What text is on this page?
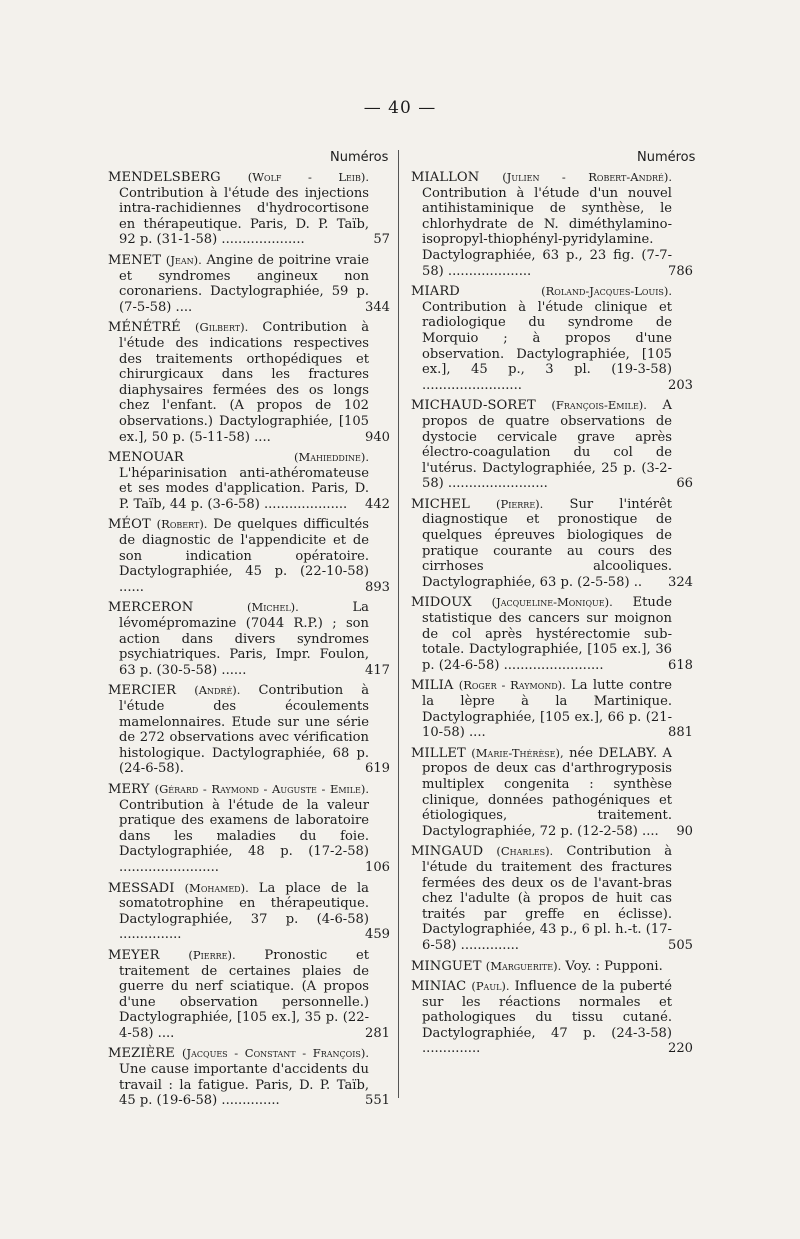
— 40 —
Numéros	Numéros
MENDELSBERG (Wolf - Leib). Contribution à l'étude des injections intra-rachidiennes d'hydrocortisone en thérapeutique. Paris, D. P. Taïb, 92 p. (31-1-58) ....................	57
MENET (Jean). Angine de poitrine vraie et syndromes angineux non coronariens. Dactylographiée, 59 p. (7-5-58) ....	344
MÉNÉTRÉ (Gilbert). Contribution à l'étude des indications respectives des traitements orthopédiques et chirurgicaux dans les fractures diaphysaires fermées des os longs chez l'enfant. (A propos de 102 observations.) Dactylographiée, [105 ex.], 50 p. (5-11-58) ....	940
MENOUAR	(Mahieddine). L'héparinisation anti-athéromateuse et ses modes d'application. Paris, D. P. Taïb, 44 p. (3-6-58) ....................	442
MÉOT (Robert). De quelques difficultés de diagnostic de l'appendicite et de son indication opératoire. Dactylographiée, 45 p. (22-10-58) ......	893
MERCERON	(Michel).	La lévomépromazine (7044 R.P.) ; son action dans divers syndromes psychiatriques. Paris, Impr. Foulon, 63 p. (30-5-58) ......	417
MERCIER (André). Contribution à l'étude des écoulements mamelonnaires. Etude sur une série de 272 observations avec vérification histologique. Dactylographiée, 68 p. (24-6-58).	619
MERY (Gérard - Raymond - Auguste - Emile). Contribution à l'étude de la valeur pratique des examens de laboratoire dans les maladies du foie. Dactylographiée, 48 p. (17-2-58) ........................	106
MESSADI (Mohamed). La place de la somatotrophine en thérapeutique. Dactylographiée, 37 p. (4-6-58) ...............	459
MEYER	(Pierre). Pronostic et traitement de certaines plaies de guerre du nerf sciatique. (A propos d'une observation personnelle.) Dactylographiée, [105 ex.], 35 p. (22-4-58) ....	281
MEZIÈRE (Jacques - Constant - François). Une cause importante d'accidents du travail : la fatigue. Paris, D. P. Taïb, 45 p. (19-6-58) ..............	551
MIALLON (Julien - Robert-André). Contribution à l'étude d'un nouvel antihistaminique de synthèse, le chlorhydrate de N. diméthylamino-isopropyl-thiophényl-pyridylamine. Dactylographiée, 63 p., 23 fig. (7-7-58) ....................	786
MIARD	(Roland-Jacques-Louis). Contribution à l'étude clinique et radiologique du syndrome de Morquio ; à propos d'une observation. Dactylographiée, [105 ex.], 45 p., 3 pl. (19-3-58) ........................	203
MICHAUD-SORET (François-Emile). A propos de quatre observations de dystocie cervicale grave après électro-coagulation du col de l'utérus. Dactylographiée, 25 p. (3-2-58) ........................	66
MICHEL (Pierre). Sur l'intérêt diagnostique et pronostique de quelques épreuves biologiques de pratique courante au cours des cirrhoses alcooliques. Dactylographiée, 63 p. (2-5-58) ..	324
MIDOUX (Jacqueline-Monique). Etude statistique des cancers sur moignon de col après hystérectomie sub-totale. Dactylographiée, [105 ex.], 36 p. (24-6-58) ........................	618
MILIA (Roger - Raymond). La lutte contre la lèpre à la Martinique. Dactylographiée, [105 ex.], 66 p. (21-10-58) ....	881
MILLET (Marie-Thérèse), née DELABY. A propos de deux cas d'arthrogryposis multiplex congenita : synthèse clinique, données pathogéniques et étiologiques, traitement. Dactylographiée, 72 p. (12-2-58) ....	90
MINGAUD (Charles). Contribution à l'étude du traitement des fractures fermées des deux os de l'avant-bras chez l'adulte (à propos de huit cas traités par greffe en éclisse). Dactylographiée, 43 p., 6 pl. h.-t. (17-6-58) ..............	505
MINGUET (Marguerite). Voy. : Pupponi.
MINIAC (Paul). Influence de la puberté sur les réactions normales et pathologiques du tissu cutané. Dactylographiée, 47 p. (24-3-58) ..............	220
